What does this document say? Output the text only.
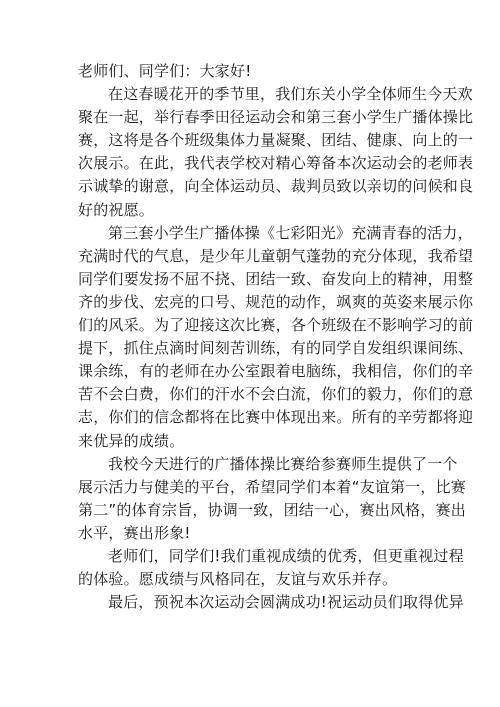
老师们、同学们：大家好!
在这春暖花开的季节里，我们东关小学全体师生今天欢
聚在一起，举行春季田径运动会和第三套小学生广播体操比
赛，这将是各个班级集体力量凝聚、团结、健康、向上的一
次展示。在此，我代表学校对精心筹备本次运动会的老师表
示诚挚的谢意，向全体运动员、裁判员致以亲切的问候和良
好的祝愿。
第三套小学生广播体操《七彩阳光》充满青春的活力，
充满时代的气息，是少年儿童朝气蓬勃的充分体现，我希望
同学们要发扬不屈不挠、团结一致、奋发向上的精神，用整
齐的步伐、宏亮的口号、规范的动作，飒爽的英姿来展示你
们的风采。为了迎接这次比赛，各个班级在不影响学习的前
提下，抓住点滴时间刻苦训练，有的同学自发组织课间练、
课余练，有的老师在办公室跟着电脑练，我相信，你们的辛
苦不会白费，你们的汗水不会白流，你们的毅力，你们的意
志，你们的信念都将在比赛中体现出来。所有的辛劳都将迎
来优异的成绩。
我校今天进行的广播体操比赛给参赛师生提供了一个
展示活力与健美的平台，希望同学们本着“友谊第一，比赛
第二”的体育宗旨，协调一致，团结一心，赛出风格，赛出
水平，赛出形象!
老师们，同学们!我们重视成绩的优秀，但更重视过程
的体验。愿成绩与风格同在，友谊与欢乐并存。
最后，预祝本次运动会圆满成功!祝运动员们取得优异
